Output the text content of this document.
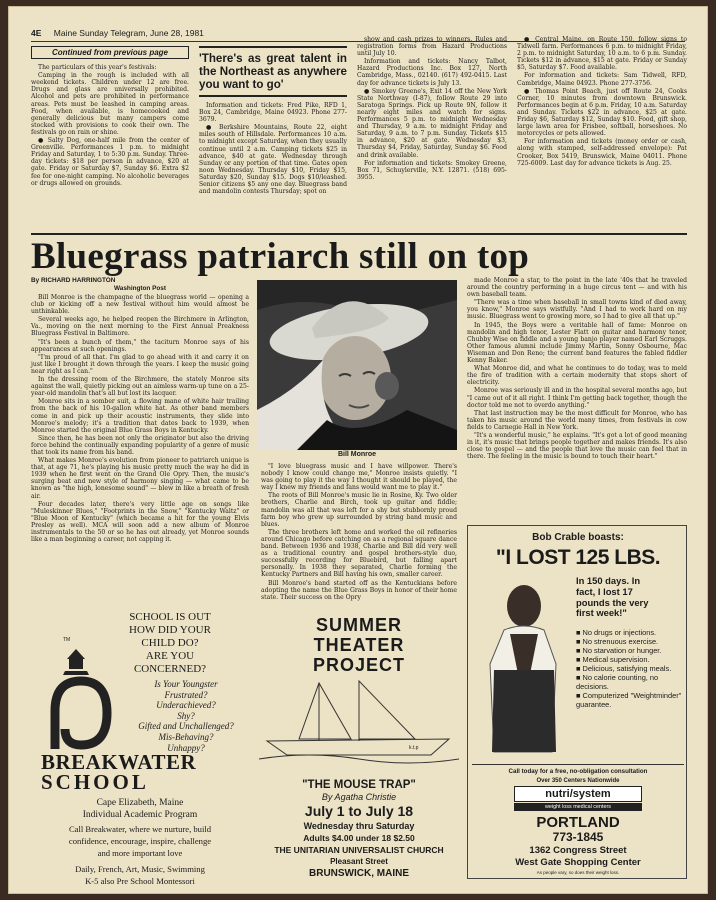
4E Maine Sunday Telegram, June 28, 1981
Continued from previous page

The particulars of this year's festivals:

Camping in the rough is included with all weekend tickets. Children under 12 are free. Drugs and glass are universally prohibited. Alcohol and pets are prohibited in performance areas. Pets must be leashed in camping areas. Food, when available, is homecooked and generally delicious but many campers come stocked with provisions to cook their own. The festivals go on rain or shine.

● Salty Dog, one-half mile from the center of Greenville. Performances 1 p.m. to midnight Friday and Saturday, 1 to 5:30 p.m. Sunday. Three-day tickets: $18 per person in advance, $20 at gate. Friday or Saturday $7, Sunday $6. Extra $2 fee for one-night camping. No alcoholic beverages or drugs allowed on grounds.

'There's as great talent in the Northeast as anywhere you want to go'

Information and tickets: Fred Pike, RFD 1, Box 24, Cambridge, Maine 04923. Phone 277-3679.

● Berkshire Mountains, Route 22, eight miles south of Hillsdale. Performances 10 a.m. to midnight except Saturday, when they usually continue until 2 a.m. Camping tickets $25 in advance, $40 at gate. Wednesday through Sunday or any portion of that time. Gates open noon Wednesday. Thursday $10, Friday $15, Saturday $20, Sunday $15. Dogs $10/leashed. Senior citizens $5 any one day. Bluegrass band and mandolin contests Thursday; spot on

show and cash prizes to winners. Rules and registration forms from Hazard Productions until July 10.

Information and tickets: Nancy Talbot, Hazard Productions Inc. Box 127, North Cambridge, Mass., 02140. (617) 492-0415. Last day for advance tickets is July 13.

● Smokey Greene's, Exit 14 off the New York State Northway (I-87), follow Route 29 into Saratoga Springs. Pick up Route 9N, follow it nearly eight miles and watch for signs. Performances 5 p.m. to midnight Wednesday and Thursday, 9 a.m. to midnight Friday and Saturday, 9 a.m. to 7 p.m. Sunday. Tickets $15 in advance, $20 at gate. Wednesday $3, Thursday $4, Friday, Saturday, Sunday $6. Food and drink available.

For information and tickets: Smokey Greene, Box 71, Schuylerville, N.Y. 12871. (518) 695-3955.

● Central Maine, on Route 150, follow signs to Tidwell farm. Performances 6 p.m. to midnight Friday, 2 p.m. to midnight Saturday, 10 a.m. to 6 p.m. Sunday. Tickets $12 in advance, $15 at gate. Friday or Sunday $5, Saturday $7. Food available.

For information and tickets: Sam Tidwell, RFD, Cambridge, Maine 04923. Phone 277-3756.

● Thomas Point Beach, just off Route 24, Cooks Corner, 10 minutes from downtown Brunswick. Performances begin at 6 p.m. Friday, 10 a.m. Saturday and Sunday. Tickets $22 in advance, $25 at gate. Friday $6, Saturday $12, Sunday $10. Food, gift shop, large lawn area for Frisbee, softball, horseshoes. No motorcycles or pets allowed.

For information and tickets (money order or cash, along with stamped, self-addressed envelope): Pat Crooker, Box 5419, Brunswick, Maine 04011. Phone 725-6009. Last day for advance tickets is Aug. 25.

Bluegrass patriarch still on top
By RICHARD HARRINGTON
Washington Post

Bill Monroe is the champagne of the bluegrass world — opening a club or kicking off a new festival without him would almost be unthinkable.

Several weeks ago, he helped reopen the Birchmere in Arlington, Va., moving on the next morning to the First Annual Preakness Bluegrass Festival in Baltimore.

"It's been a bunch of them," the taciturn Monroe says of his appearances at such openings.

"I'm proud of all that. I'm glad to go ahead with it and carry it on just like I brought it down through the years. I keep the music going near right as I can."

In the dressing room of the Birchmere, the stately Monroe sits against the wall, quietly picking out an aimless warm-up tune on a 25-year-old mandolin that's all but lost its lacquer.

Monroe sits in a somber suit, a flowing mane of white hair trailing from the back of his 10-gallon white hat. As other band members come in and pick up their acoustic instruments, they slide into Monroe's melody; it's a tradition that dates back to 1939, when Monroe started the original Blue Grass Boys in Kentucky.

Since then, he has been not only the originator but also the driving force behind the continually expanding popularity of a genre of music that took its name from his band.

What makes Monroe's evolution from pioneer to patriarch unique is that, at age 71, he's playing his music pretty much the way he did in 1939 when he first went on the Grand Ole Opry. Then, the music's surging beat and new style of harmony singing — what came to be known as "the high, lonesome sound" — blew in like a breath of fresh air.

Four decades later, there's very little age on songs like "Muleskinner Blues," "Footprints in the Snow," "Kentucky Waltz" or "Blue Moon of Kentucky" (which became a hit for the young Elvis Presley as well). MCA will soon add a new album of Monroe instrumentals to the 50 or so he has out already, yet Monroe sounds like a man beginning a career, not capping it.

Bill Monroe

"I love bluegrass music and I have willpower. There's nobody I know could change me," Monroe insists quietly. "I was going to play it the way I thought it should be played, the way I knew my friends and fans would want me to play it."

The roots of Bill Monroe's music lie in Rosine, Ky. Two older brothers, Charlie and Birch, took up guitar and fiddle; mandolin was all that was left for a shy but stubbornly proud farm boy who grew up surrounded by string band music and blues.

The three brothers left home and worked the oil refineries around Chicago before catching on as a regional square dance band. Between 1936 and 1938, Charlie and Bill did very well as a traditional country and gospel brothers-style duo, successfully recording for Bluebird, but falling apart personally. In 1938 they separated, Charlie forming the Kentucky Partners and Bill having his own, smaller career.

Bill Monroe's band started off as the Kentuckians before adopting the name the Blue Grass Boys in honor of their home state. Their success on the Opry

made Monroe a star, to the point in the late '40s that he traveled around the country performing in a huge circus tent — and with his own baseball team.

"There was a time when baseball in small towns kind of died away, you know," Monroe says wistfully. "And I had to work hard on my music. Bluegrass went to growing more, so I had to give all that up."

In 1945, the Boys were a veritable hall of fame: Monroe on mandolin and high tenor, Lester Flatt on guitar and harmony tenor, Chubby Wise on fiddle and a young banjo player named Earl Scruggs. Other famous alumni include Jimmy Martin, Sonny Osbourne, Mac Wiseman and Don Reno; the current band features the fabled fiddler Kenny Baker.

What Monroe did, and what he continues to do today, was to meld the fire of tradition with a certain modernity that stops short of electricity.

Monroe was seriously ill and in the hospital several months ago, but "I came out of it all right. I think I'm getting back together, though the doctor told me not to overdo anything."

That last instruction may be the most difficult for Monroe, who has taken his music around the world many times, from festivals in cow fields to Carnegie Hall in New York.

"It's a wonderful music," he explains. "It's got a lot of good meaning in it, it's music that brings people together and makes friends. It's also close to gospel — and the people that love the music can feel that in there. The feeling in the music is bound to touch their heart."

SCHOOL IS OUT
HOW DID YOUR
CHILD DO?
ARE YOU
CONCERNED?
Is Your Youngster
Frustrated?
Underachieved?
Shy?
Gifted and Unchallenged?
Mis-Behaving?
Unhappy?
TM
BREAKWATER
SCHOOL
Cape Elizabeth, Maine
Individual Academic Program
Call Breakwater, where we nurture, build
confidence, encourage, inspire, challenge
and more important love
Daily, French, Art, Music, Swimming
K-5 also Pre School Montessori
SUMMER
THEATER
PROJECT
k.t.p
"THE MOUSE TRAP"
By Agatha Christie
July 1 to July 18
Wednesday thru Saturday
Adults $4.00 under 18 $2.50
THE UNITARIAN UNIVERSALIST CHURCH
Pleasant Street
BRUNSWICK, MAINE
Bob Crable boasts:
"I LOST 125 LBS.
In 150 days. In
fact, I lost 17
pounds the very
first week!"
■ No drugs or injections.
■ No strenuous exercise.
■ No starvation or hunger.
■ Medical supervision.
■ Delicious, satisfying meals.
■ No calorie counting, no decisions.
■ Computerized "Weightminder" guarantee.
Call today for a free, no-obligation consultation
Over 350 Centers Nationwide
nutri/system
weight loss medical centers
PORTLAND
773-1845
1362 Congress Street
West Gate Shopping Center
As people vary, so does their weight loss.
